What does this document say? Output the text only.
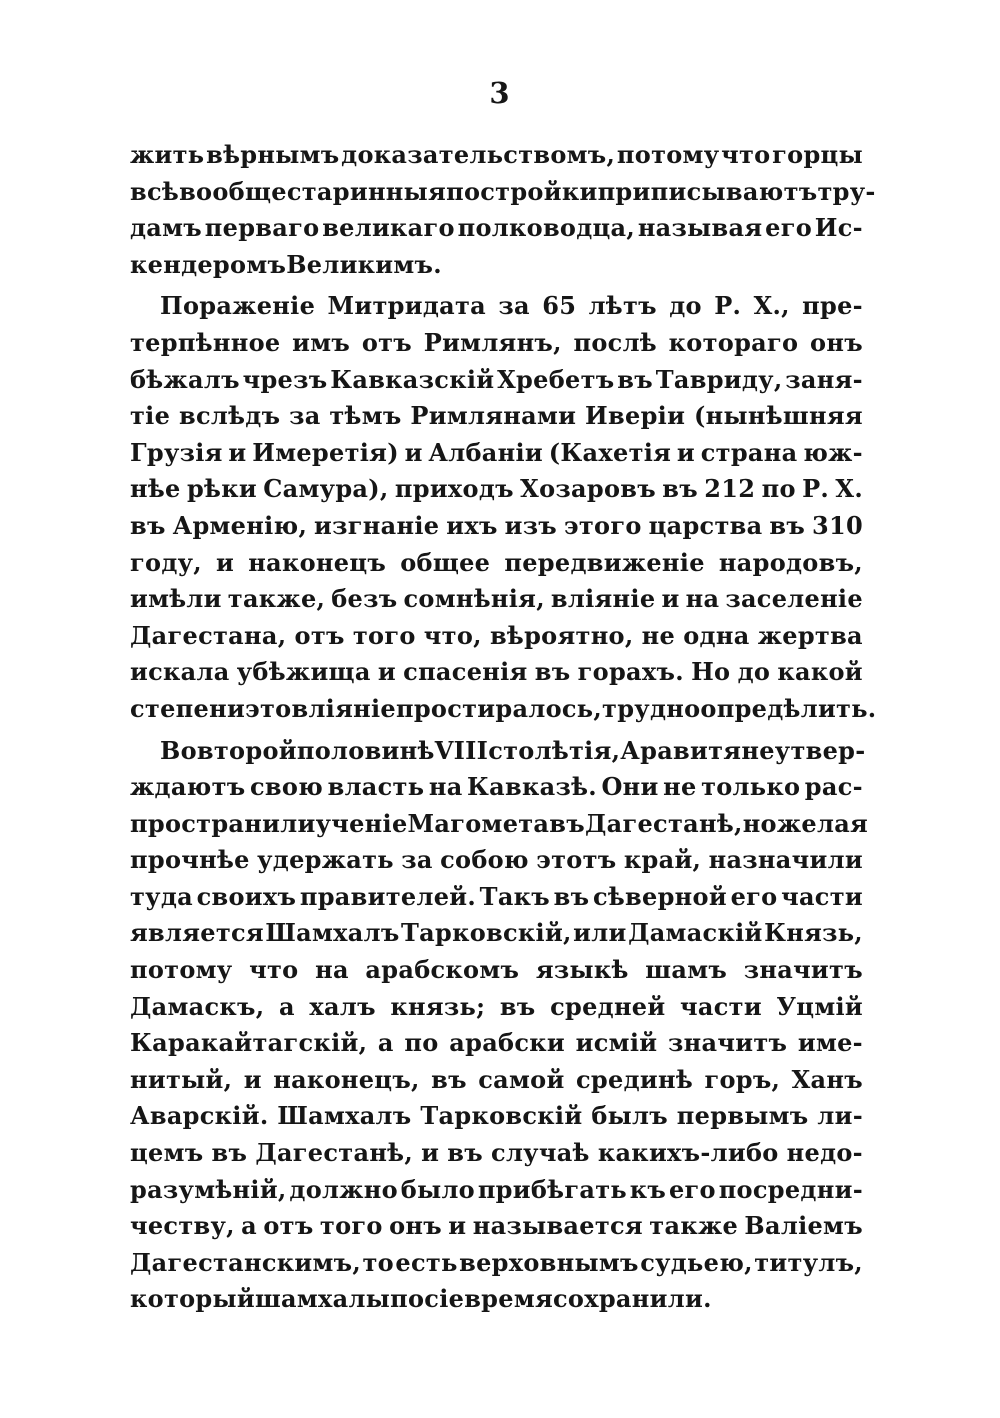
3
жить вѣрнымъ доказательствомъ, потому что горцы
всѣ вообще старинныя постройки приписываютъ тру-
дамъ перваго великаго полководца, называя его Ис-
кендеромъ Великимъ.
Пораженіе Митридата за 65 лѣтъ до Р. Х., пре-
терпѣнное имъ отъ Римлянъ, послѣ котораго онъ
бѣжалъ чрезъ Кавказскій Хребетъ въ Тавриду, заня-
тіе вслѣдъ за тѣмъ Римлянами Иверіи (нынѣшняя
Грузія и Имеретія) и Албаніи (Кахетія и страна юж-
нѣе рѣки Самура), приходъ Хозаровъ въ 212 по Р. Х.
въ Арменію, изгнаніе ихъ изъ этого царства въ 310
году, и наконецъ общее передвиженіе народовъ,
имѣли также, безъ сомнѣнія, вліяніе и на заселеніе
Дагестана, отъ того что, вѣроятно, не одна жертва
искала убѣжища и спасенія въ горахъ. Но до какой
степени это вліяніе простиралось, трудно опредѣлить.
Во второй половинѣ VIII столѣтія, Аравитяне утвер-
ждаютъ свою власть на Кавказѣ. Они не только рас-
пространили ученіе Магомета въ Дагестанѣ, но желая
прочнѣе удержать за собою этотъ край, назначили
туда своихъ правителей. Такъ въ сѣверной его части
является Шамхалъ Тарковскій, или Дамаскій Князь,
потому что на арабскомъ языкѣ шамъ значитъ
Дамаскъ, а халъ князь; въ средней части Уцмій
Каракайтагскій, а по арабски исмій значитъ име-
нитый, и наконецъ, въ самой срединѣ горъ, Ханъ
Аварскій. Шамхалъ Тарковскій былъ первымъ ли-
цемъ въ Дагестанѣ, и въ случаѣ какихъ-либо недо-
разумѣній, должно было прибѣгать къ его посредни-
честву, а отъ того онъ и называется также Валіемъ
Дагестанскимъ, то есть верховнымъ судьею, титулъ,
который шамхалы по сіе время сохранили.
